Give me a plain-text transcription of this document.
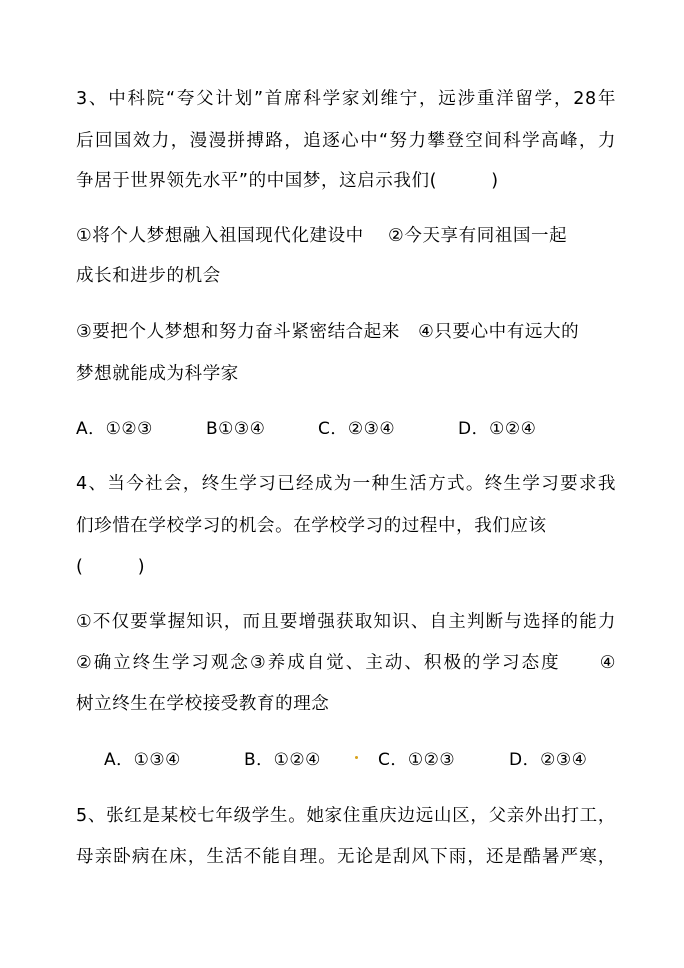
3、中科院“夸父计划”首席科学家刘维宁，远涉重洋留学，28年
后回国效力，漫漫拼搏路，追逐心中“努力攀登空间科学高峰，力
争居于世界领先水平”的中国梦，这启示我们(　　　)
①将个人梦想融入祖国现代化建设中　 ②今天享有同祖国一起
成长和进步的机会
③要把个人梦想和努力奋斗紧密结合起来　④只要心中有远大的
梦想就能成为科学家
A．①②③	B①③④	C．②③④	D．①②④
4、当今社会，终生学习已经成为一种生活方式。终生学习要求我
们珍惜在学校学习的机会。在学校学习的过程中，我们应该
(　　　)
①不仅要掌握知识，而且要增强获取知识、自主判断与选择的能力
②确立终生学习观念③养成自觉、主动、积极的学习态度　　④
树立终生在学校接受教育的理念
A．①③④	B．①②④	C．①②③	D．②③④
5、张红是某校七年级学生。她家住重庆边远山区，父亲外出打工，
母亲卧病在床，生活不能自理。无论是刮风下雨，还是酷暑严寒，
